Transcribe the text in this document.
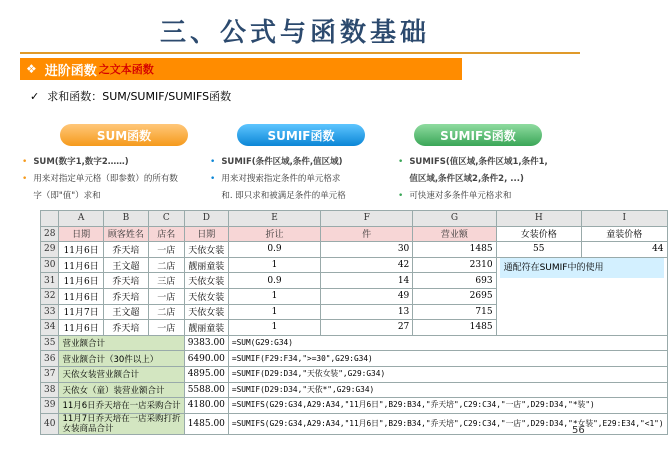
三、公式与函数基础
❖ 进阶函数 之文本函数
✓ 求和函数：SUM/SUMIF/SUMIFS函数
SUM函数	SUMIF函数	SUMIFS函数
• SUM(数字1,数字2……)
• 用来对指定单元格（即参数）的所有数
字（即"值"）求和
• SUMIF(条件区域,条件,值区域)
• 用来对搜索指定条件的单元格求
和. 即只求和被满足条件的单元格
• SUMIFS(值区域,条件区域1,条件1,
值区域,条件区域2,条件2, ...)
• 可快速对多条件单元格求和
	A	B	C	D	E	F	G	H	I
28	日期	顾客姓名	店名	日期	折让	件	营业额	女装价格	童装价格
29	11月6日	乔天培	一店	天依女装	0.9	30	1485	55	44
30	11月6日	王文超	二店	靓丽童装	1	42	2310	通配符在SUMIF中的使用	

31	11月6日	乔天培	三店	天依女装	0.9	14	693		
32	11月6日	乔天培	一店	天依女装	1	49	2695		
33	11月7日	王文超	二店	天依女装	1	13	715		
34	11月6日	乔天培	一店	靓丽童装	1	27	1485		
35	营业额合计			9383.00	=SUM(G29:G34)				
36	营业额合计（30件以上）			6490.00	=SUMIF(F29:F34,">=30",G29:G34)				
37	天依女装营业额合计			4895.00	=SUMIF(D29:D34,"天依女装",G29:G34)				
38	天依女（童）装营业额合计			5588.00	=SUMIF(D29:D34,"天依*",G29:G34)				
39	11月6日乔天培在一店采购合计			4180.00	=SUMIFS(G29:G34,A29:A34,"11月6日",B29:B34,"乔天培",C29:C34,"一店",D29:D34,"*装")				
40	11月7日乔天培在一店采购打折女装商品合计			1485.00	=SUMIFS(G29:G34,A29:A34,"11月6日",B29:B34,"乔天培",C29:C34,"一店",D29:D34,"*女装",E29:E34,"<1")				
56
